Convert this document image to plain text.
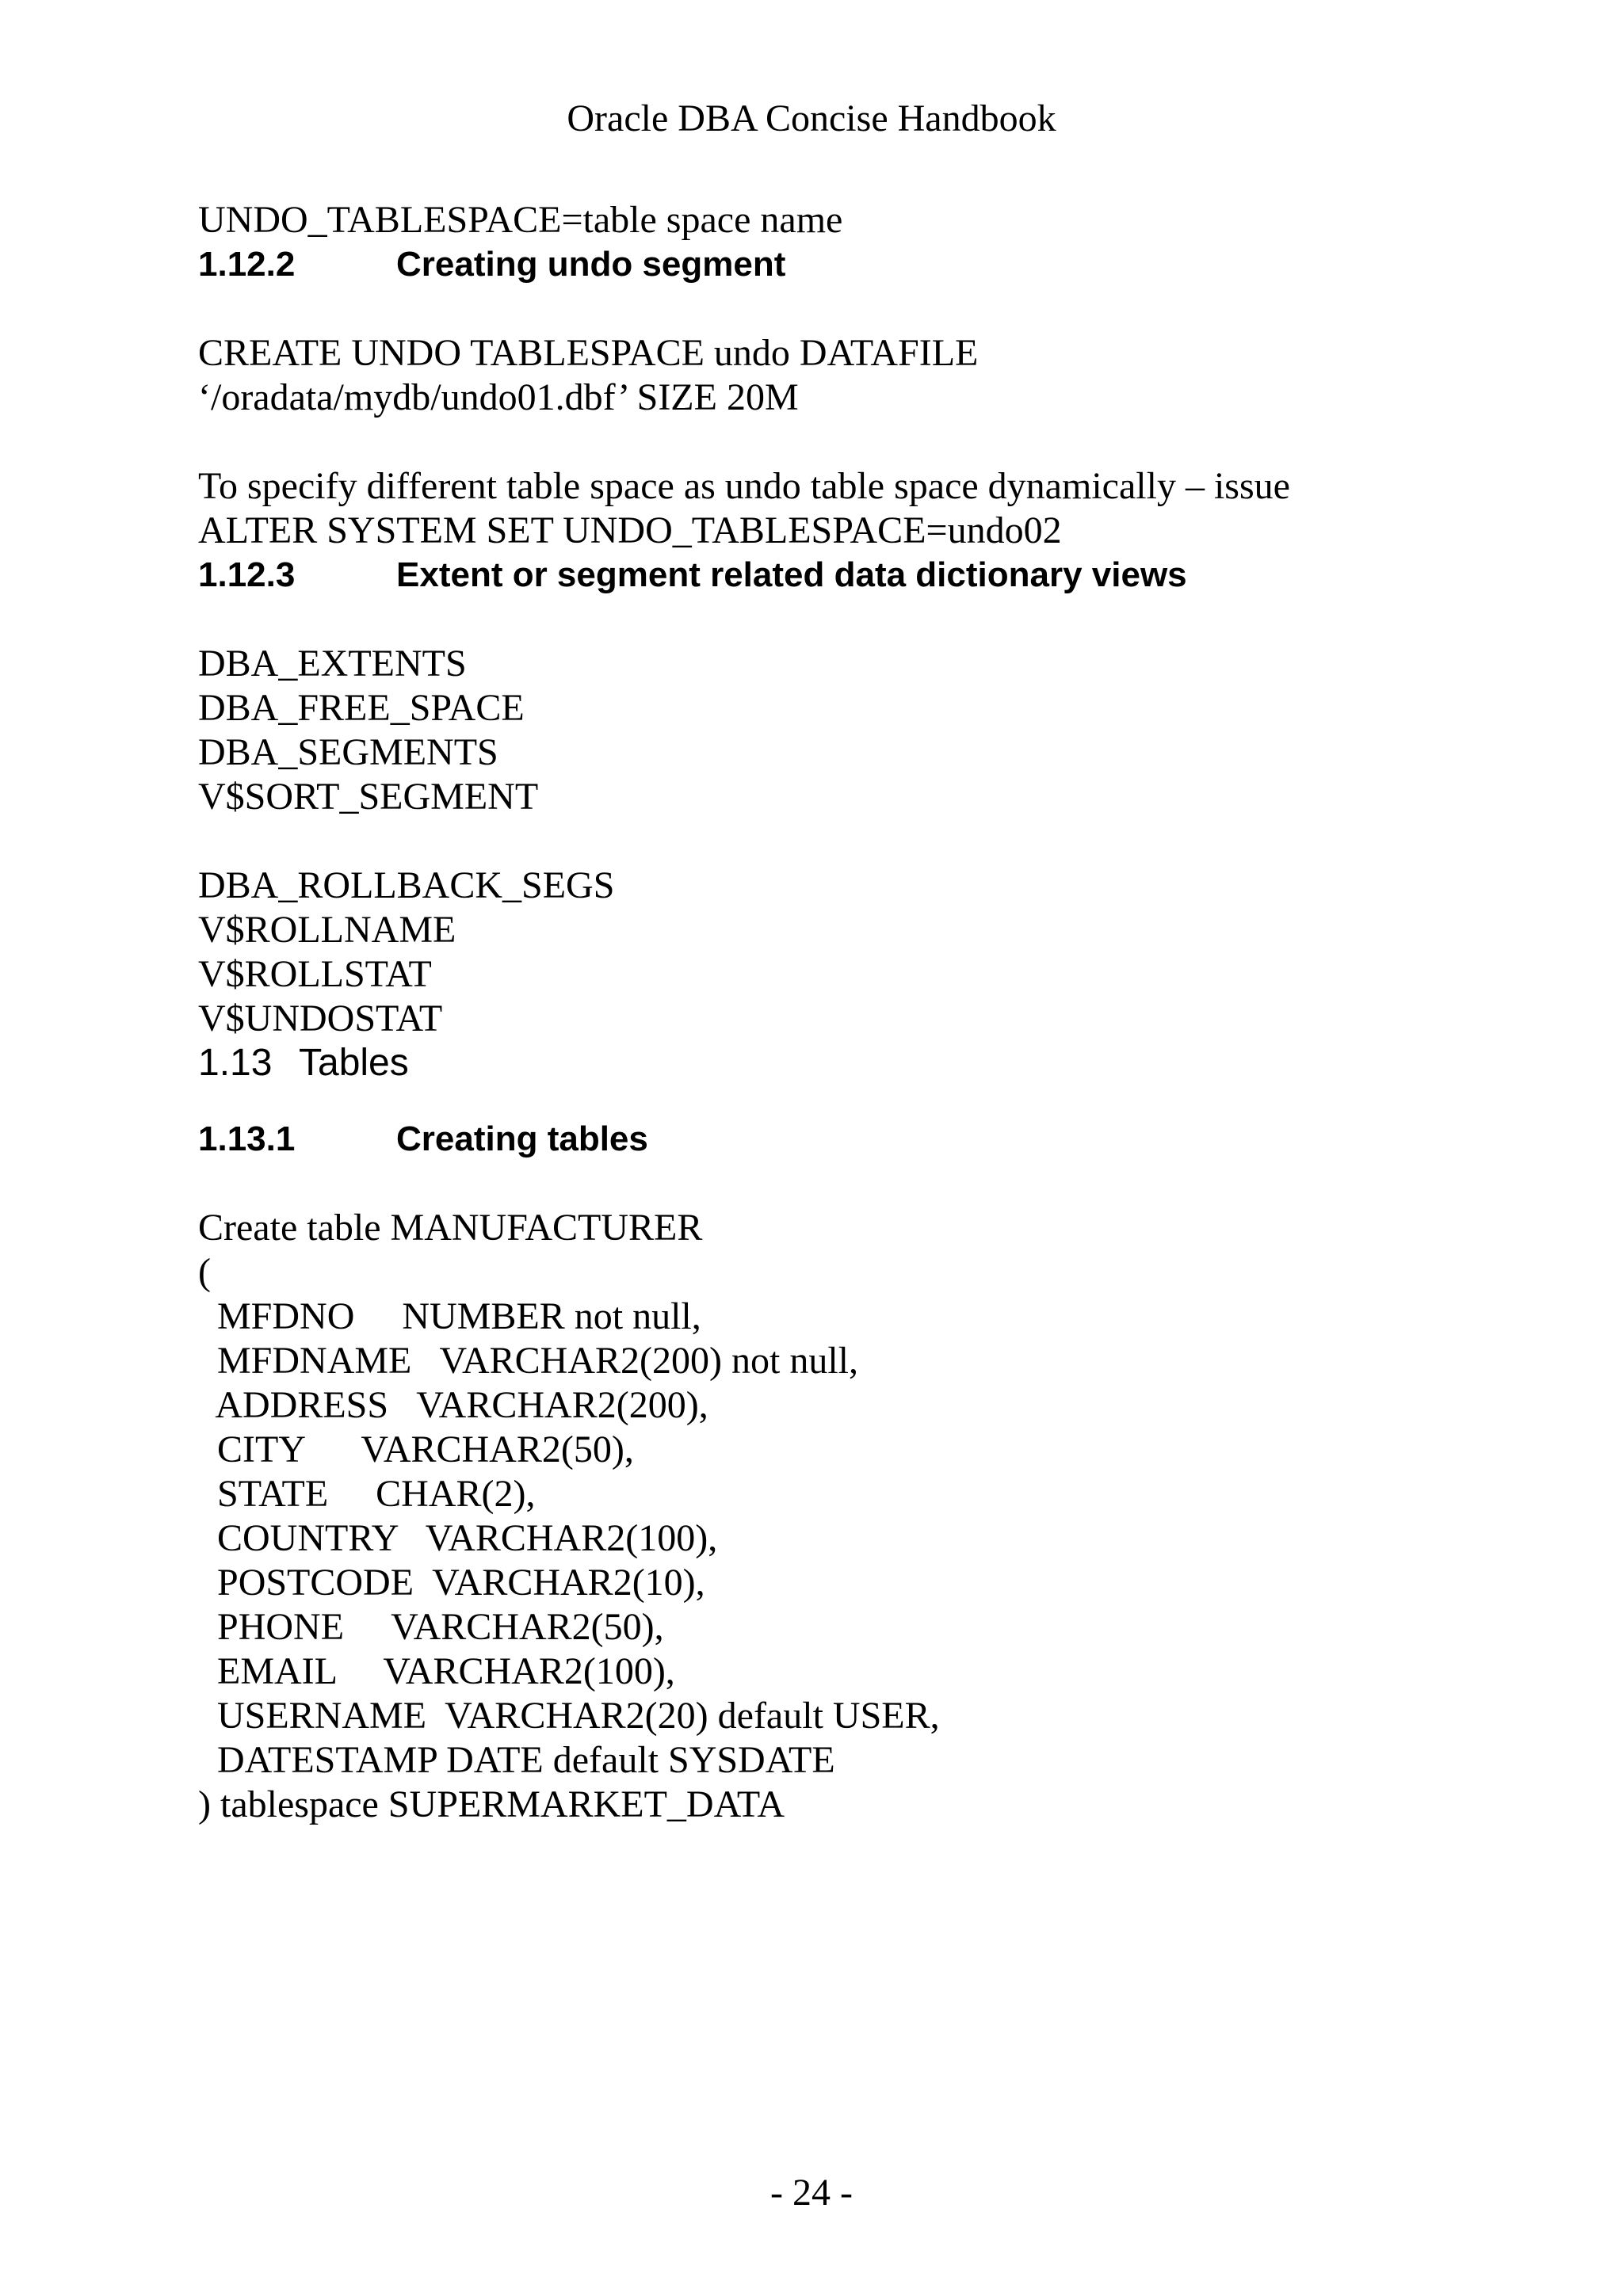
Oracle DBA Concise Handbook

UNDO_TABLESPACE=table space name

1.12.2	Creating undo segment

CREATE UNDO TABLESPACE undo DATAFILE

‘/oradata/mydb/undo01.dbf’ SIZE 20M

To specify different table space as undo table space dynamically – issue

ALTER SYSTEM SET UNDO_TABLESPACE=undo02

1.12.3	Extent or segment related data dictionary views

DBA_EXTENTS

DBA_FREE_SPACE

DBA_SEGMENTS

V$SORT_SEGMENT

DBA_ROLLBACK_SEGS

V$ROLLNAME

V$ROLLSTAT

V$UNDOSTAT

1.13 Tables
1.13.1	Creating tables

Create table MANUFACTURER

(

MFDNO     NUMBER not null,

MFDNAME   VARCHAR2(200) not null,

ADDRESS   VARCHAR2(200),

CITY      VARCHAR2(50),

STATE     CHAR(2),

COUNTRY   VARCHAR2(100),

POSTCODE  VARCHAR2(10),

PHONE     VARCHAR2(50),

EMAIL     VARCHAR2(100),

USERNAME  VARCHAR2(20) default USER,

DATESTAMP DATE default SYSDATE

) tablespace SUPERMARKET_DATA

- 24 -
